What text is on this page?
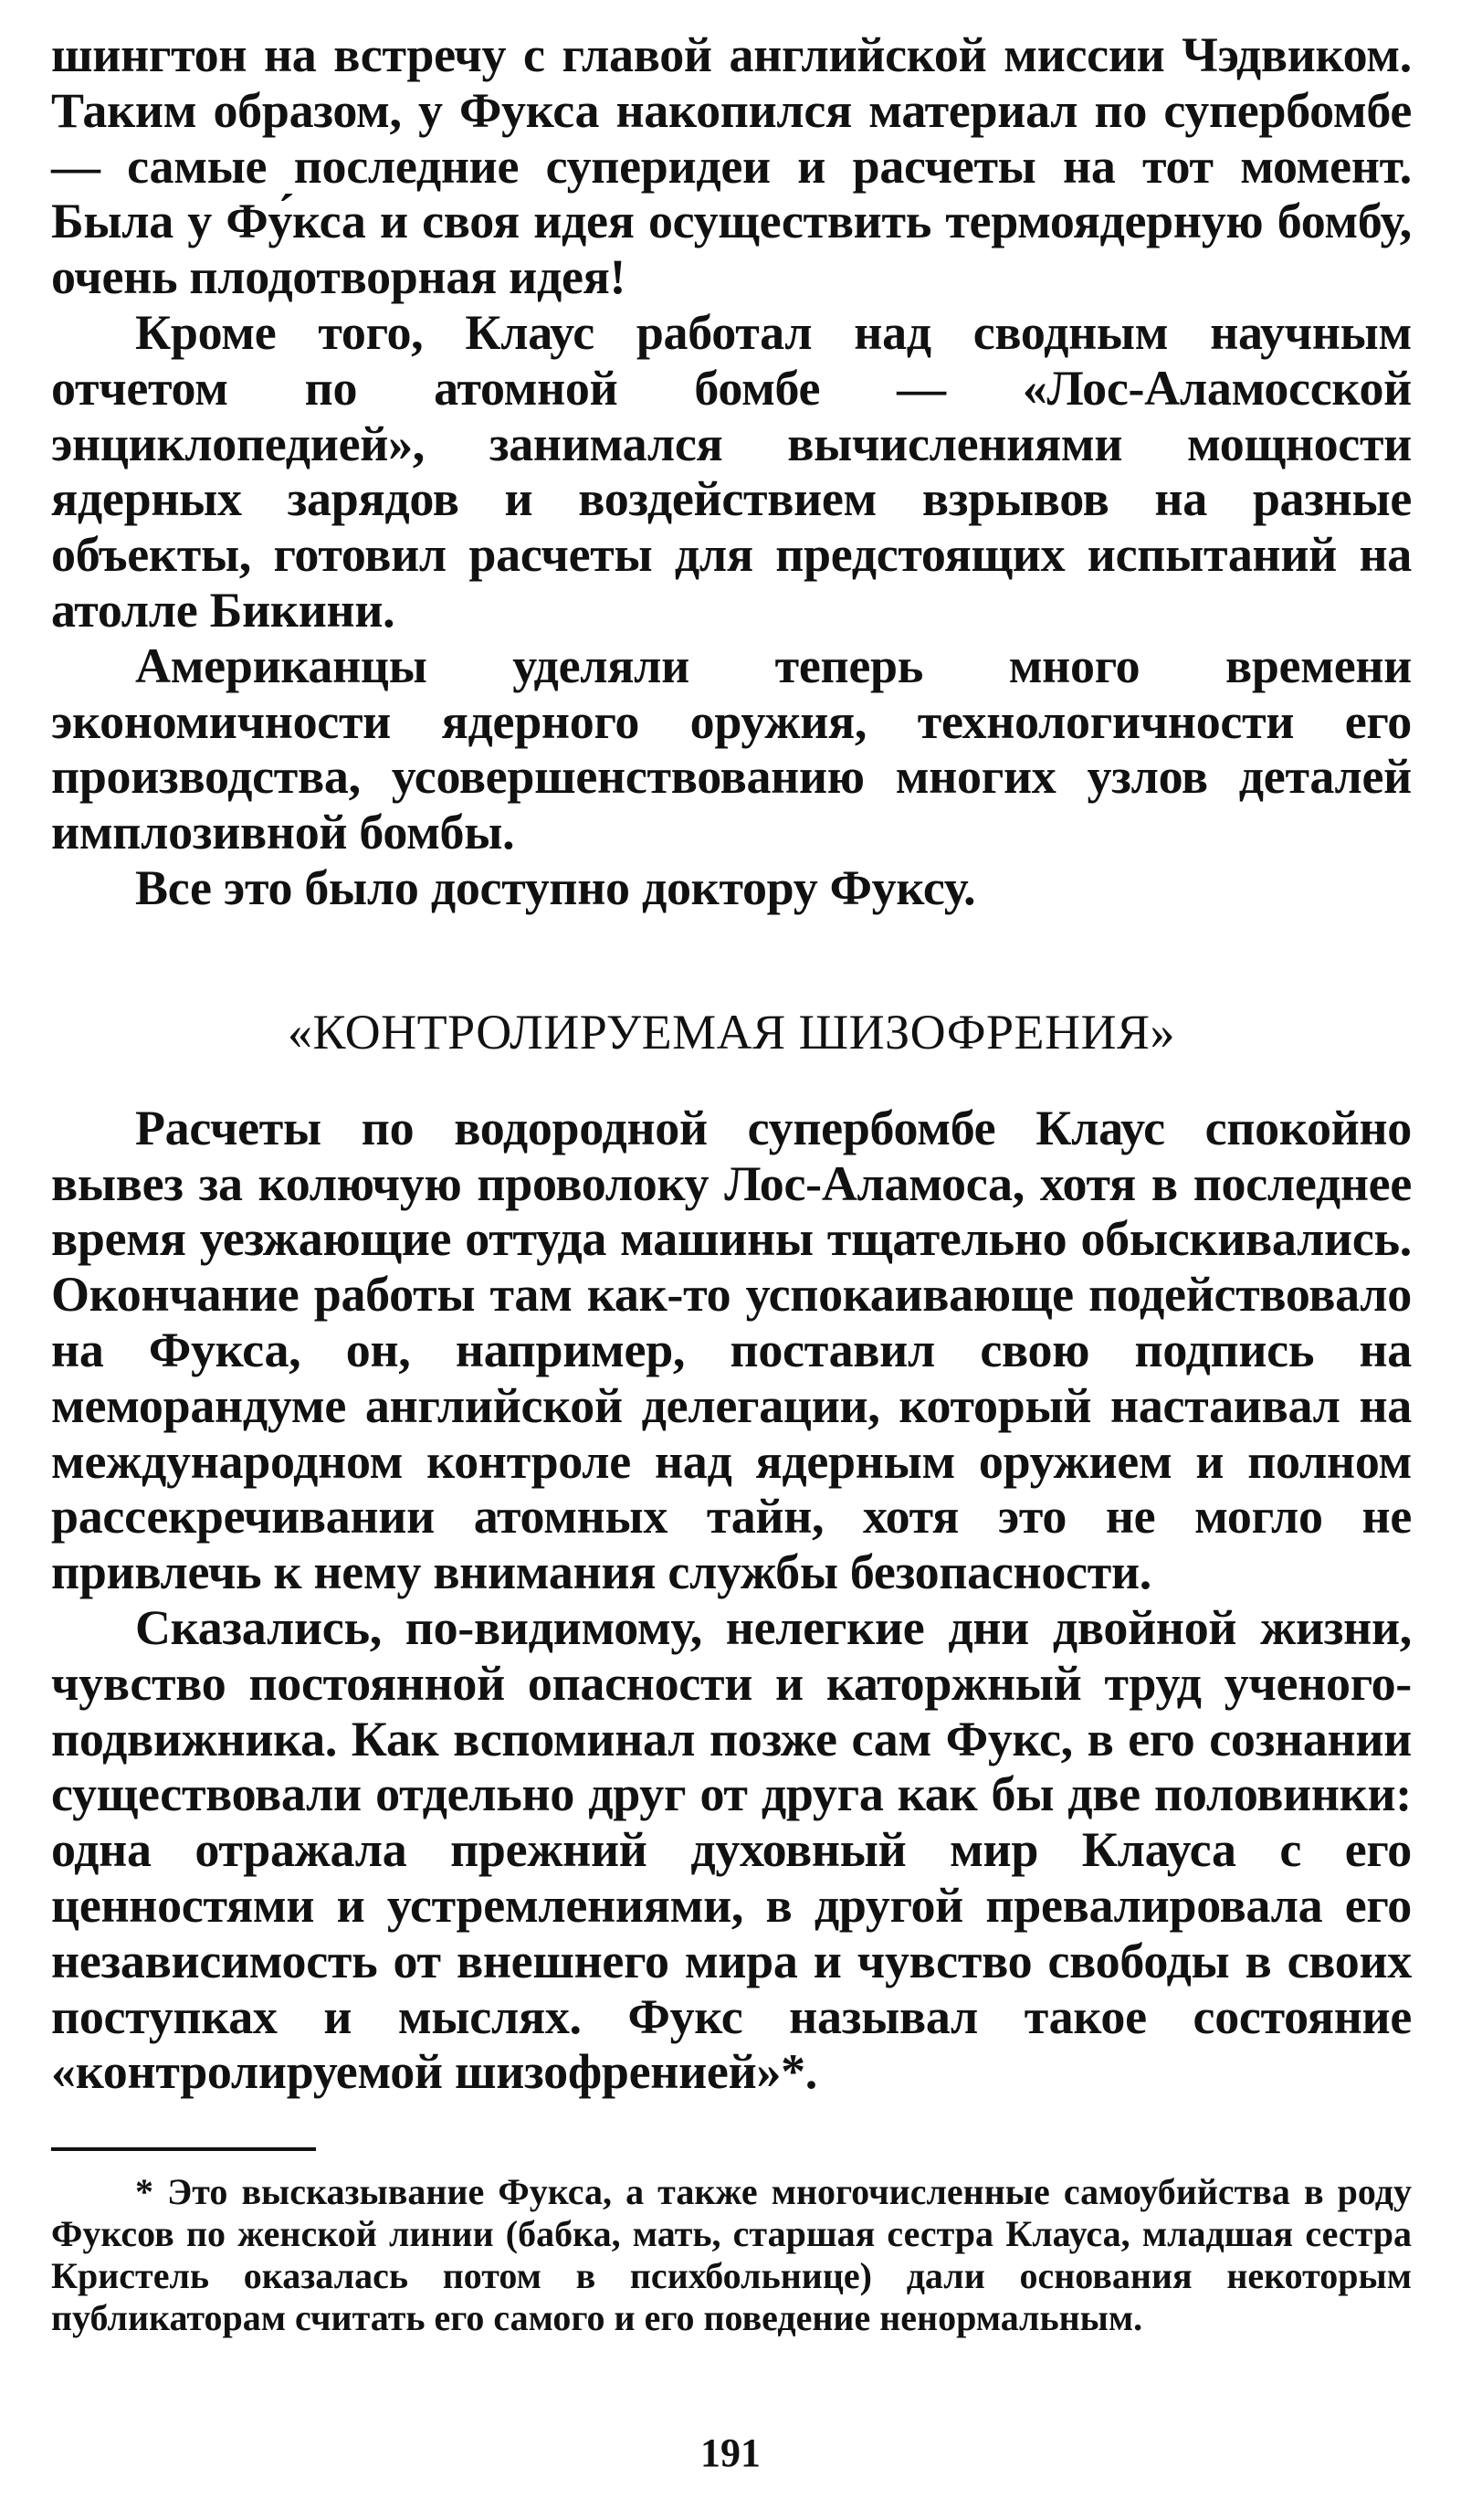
шингтон на встречу с главой английской миссии Чэдвиком. Таким образом, у Фукса накопился материал по супербомбе — самые последние суперидеи и расчеты на тот момент. Была у Фу́кса и своя идея осуществить термоядерную бомбу, очень плодотворная идея!

Кроме того, Клаус работал над сводным научным отчетом по атомной бомбе — «Лос-Аламосской энциклопедией», занимался вычислениями мощности ядерных зарядов и воздействием взрывов на разные объекты, готовил расчеты для предстоящих испытаний на атолле Бикини.

Американцы уделяли теперь много времени экономичности ядерного оружия, технологичности его производства, усовершенствованию многих узлов деталей имплозивной бомбы.

Все это было доступно доктору Фуксу.

«КОНТРОЛИРУЕМАЯ ШИЗОФРЕНИЯ»

Расчеты по водородной супербомбе Клаус спокойно вывез за колючую проволоку Лос-Аламоса, хотя в последнее время уезжающие оттуда машины тщательно обыскивались. Окончание работы там как-то успокаивающе подействовало на Фукса, он, например, поставил свою подпись на меморандуме английской делегации, который настаивал на международном контроле над ядерным оружием и полном рассекречивании атомных тайн, хотя это не могло не привлечь к нему внимания службы безопасности.

Сказались, по-видимому, нелегкие дни двойной жизни, чувство постоянной опасности и каторжный труд ученого-подвижника. Как вспоминал позже сам Фукс, в его сознании существовали отдельно друг от друга как бы две половинки: одна отражала прежний духовный мир Клауса с его ценностями и устремлениями, в другой превалировала его независимость от внешнего мира и чувство свободы в своих поступках и мыслях. Фукс называл такое состояние «контролируемой шизофренией»*.

* Это высказывание Фукса, а также многочисленные самоубийства в роду Фуксов по женской линии (бабка, мать, старшая сестра Клауса, младшая сестра Кристель оказалась потом в психбольнице) дали основания некоторым публикаторам считать его самого и его поведение ненормальным.

191
